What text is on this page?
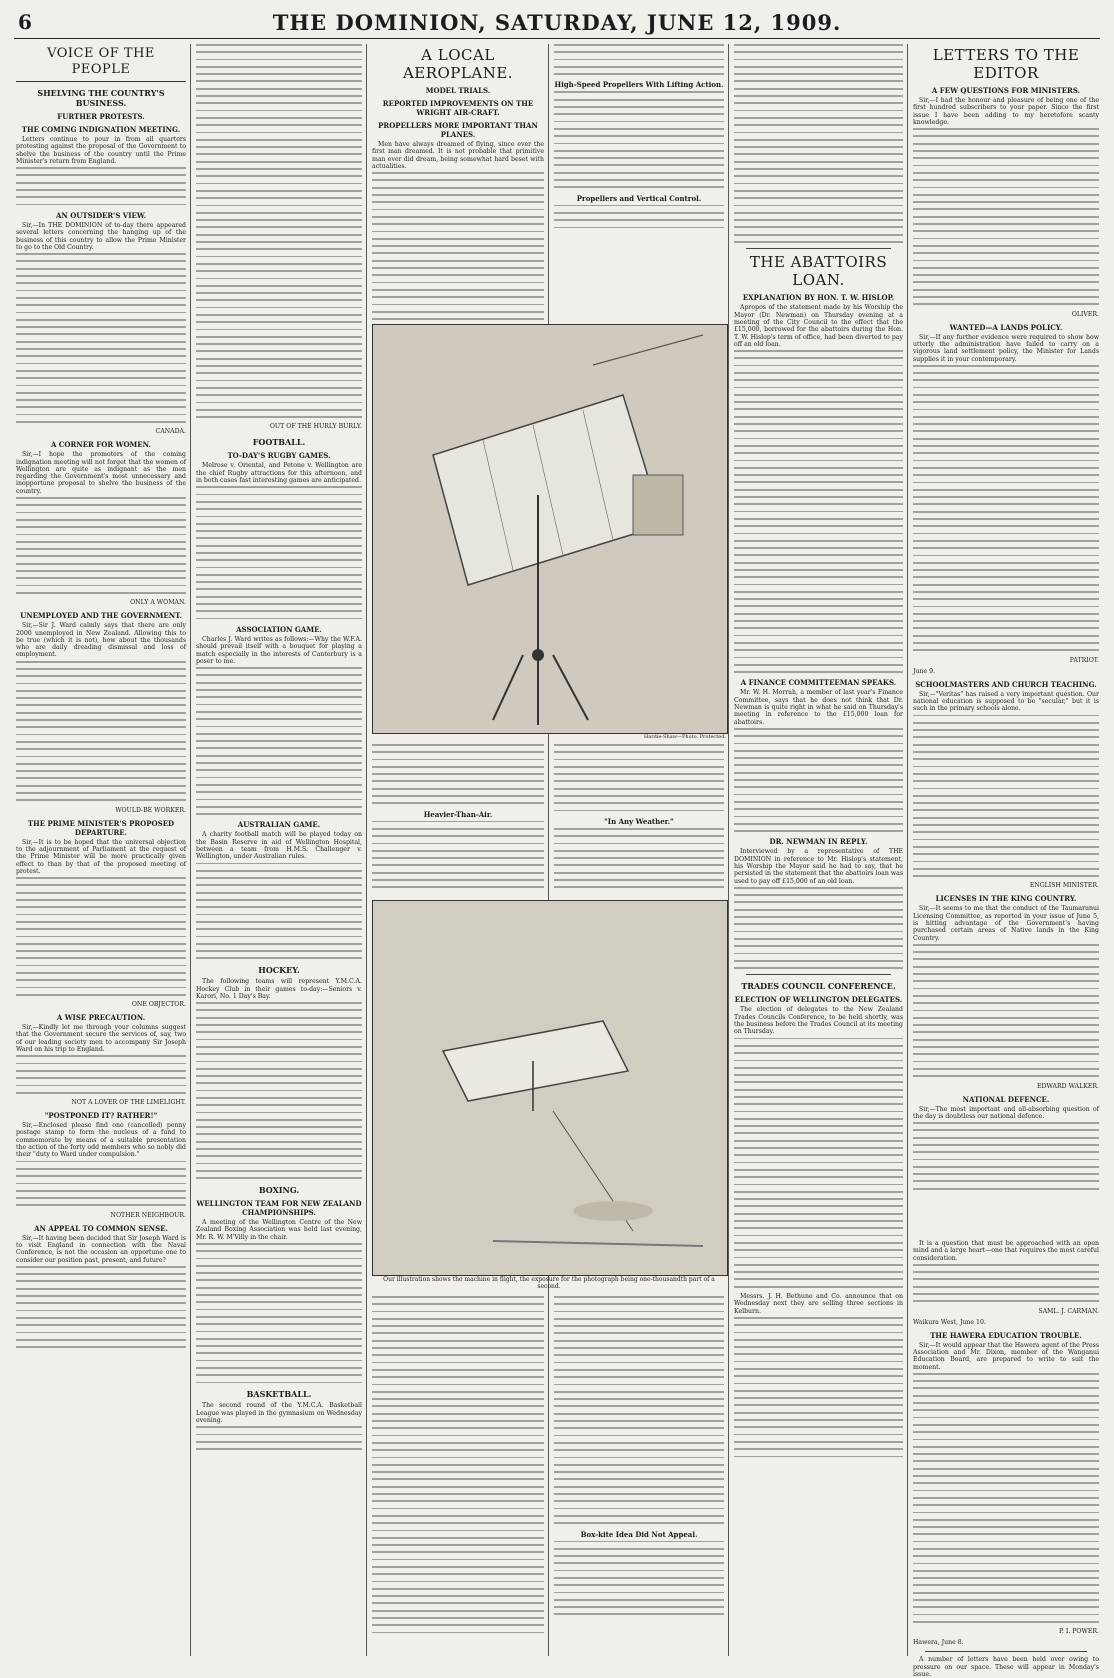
6	THE DOMINION, SATURDAY, JUNE 12, 1909.
VOICE OF THE PEOPLE
SHELVING THE COUNTRY'S BUSINESS.
FURTHER PROTESTS.
THE COMING INDIGNATION MEETING.

Letters continue to pour in from all quarters protesting against the proposal of the Government to shelve the business of the country until the Prime Minister's return from England.

AN OUTSIDER'S VIEW.

Sir,—In THE DOMINION of to-day there appeared several letters concerning the hanging up of the business of this country to allow the Prime Minister to go to the Old Country.

CANADA.
A CORNER FOR WOMEN.

Sir,—I hope the promoters of the coming indignation meeting will not forget that the women of Wellington are quite as indignant as the men regarding the Government's most unnecessary and inopportune proposal to shelve the business of the country.

ONLY A WOMAN.
UNEMPLOYED AND THE GOVERNMENT.

Sir,—Sir J. Ward calmly says that there are only 2000 unemployed in New Zealand. Allowing this to be true (which it is not), how about the thousands who are daily dreading dismissal and loss of employment.

WOULD-BE WORKER.
THE PRIME MINISTER'S PROPOSED DEPARTURE.

Sir,—It is to be hoped that the universal objection to the adjournment of Parliament at the request of the Prime Minister will be more practically given effect to than by that of the proposed meeting of protest.

ONE OBJECTOR.
A WISE PRECAUTION.

Sir,—Kindly let me through your columns suggest that the Government secure the services of, say, two of our leading society men to accompany Sir Joseph Ward on his trip to England.

NOT A LOVER OF THE LIMELIGHT.
"POSTPONED IT? RATHER!"

Sir,—Enclosed please find one (cancelled) penny postage stamp to form the nucleus of a fund to commemorate by means of a suitable presentation the action of the forty odd members who so nobly did their "duty to Ward under compulsion."

NOTHER NEIGHBOUR.
AN APPEAL TO COMMON SENSE.

Sir,—It having been decided that Sir Joseph Ward is to visit England in connection with the Naval Conference, is not the occasion an opportune one to consider our position past, present, and future?

OUT OF THE HURLY BURLY.
FOOTBALL.
TO-DAY'S RUGBY GAMES.

Melrose v. Oriental, and Petone v. Wellington are the chief Rugby attractions for this afternoon, and in both cases fast interesting games are anticipated.

ASSOCIATION GAME.

Charles J. Ward writes as follows:—Why the W.F.A. should prevail itself with a bouquet for playing a match especially in the interests of Canterbury is a poser to me.

AUSTRALIAN GAME.

A charity football match will be played today on the Basin Reserve in aid of Wellington Hospital, between a team from H.M.S. Challenger v. Wellington, under Australian rules.

HOCKEY.

The following teams will represent Y.M.C.A. Hockey Club in their games to-day:—Seniors v. Karori, No. 1 Day's Bay.

BOXING.
WELLINGTON TEAM FOR NEW ZEALAND CHAMPIONSHIPS.

A meeting of the Wellington Centre of the New Zealand Boxing Association was held last evening, Mr. R. W. M'Villy in the chair.

BASKETBALL.

The second round of the Y.M.C.A. Basketball League was played in the gymnasium on Wednesday evening.

A LOCAL AEROPLANE.
MODEL TRIALS.
REPORTED IMPROVEMENTS ON THE WRIGHT AIR-CRAFT.
PROPELLERS MORE IMPORTANT THAN PLANES.

Men have always dreamed of flying, since ever the first man dreamed. It is not probable that primitive man ever did dream, being somewhat hard beset with actualities.

High-Speed Propellers With Lifting Action.
Propellers and Vertical Control.
Hardie-Shaw—Photo. Protected.
Heavier-Than-Air.
"In Any Weather."
Our illustration shows the machine in flight, the exposure for the photograph being one-thousandth part of a second.
Box-kite Idea Did Not Appeal.
THE ABATTOIRS LOAN.
EXPLANATION BY HON. T. W. HISLOP.

Apropos of the statement made by his Worship the Mayor (Dr. Newman) on Thursday evening at a meeting of the City Council to the effect that the £15,000, borrowed for the abattoirs during the Hon. T. W. Hislop's term of office, had been diverted to pay off an old loan.

A FINANCE COMMITTEEMAN SPEAKS.

Mr. W. H. Morrah, a member of last year's Finance Committee, says that he does not think that Dr. Newman is quite right in what he said on Thursday's meeting in reference to the £15,000 loan for abattoirs.

DR. NEWMAN IN REPLY.

Interviewed by a representative of THE DOMINION in reference to Mr. Hislop's statement, his Worship the Mayor said he had to say, that he persisted in the statement that the abattoirs loan was used to pay off £15,000 of an old loan.

TRADES COUNCIL CONFERENCE.
ELECTION OF WELLINGTON DELEGATES.

The election of delegates to the New Zealand Trades Councils Conference, to be held shortly, was the business before the Trades Council at its meeting on Thursday.

Messrs. J. H. Bethune and Co. announce that on Wednesday next they are selling three sections in Kelburn.

LETTERS TO THE EDITOR
A FEW QUESTIONS FOR MINISTERS.

Sir,—I had the honour and pleasure of being one of the first hundred subscribers to your paper. Since the first issue I have been adding to my heretofore scanty knowledge.

OLIVER.
WANTED—A LANDS POLICY.

Sir,—If any further evidence were required to show how utterly the administration have failed to carry on a vigorous land settlement policy, the Minister for Lands supplies it in your contemporary.

PATRIOT.
June 9.
SCHOOLMASTERS AND CHURCH TEACHING.

Sir,—"Veritas" has raised a very important question. Our national education is supposed to be "secular," but it is such in the primary schools alone.

ENGLISH MINISTER.
LICENSES IN THE KING COUNTRY.

Sir,—It seems to me that the conduct of the Taumarunui Licensing Committee, as reported in your issue of June 5, is hitting advantage of the Government's having purchased certain areas of Native lands in the King Country.

EDWARD WALKER.
NATIONAL DEFENCE.

Sir,—The most important and all-absorbing question of the day is doubtless our national defence.

It is a question that must be approached with an open mind and a large heart—one that requires the most careful consideration.

SAML. J. CARMAN.
Waikura West, June 10.
THE HAWERA EDUCATION TROUBLE.

Sir,—It would appear that the Hawera agent of the Press Association and Mr. Dixon, member of the Wanganui Education Board, are prepared to write to suit the moment.

P. I. POWER.
Hawera, June 8.

A number of letters have been held over owing to pressure on our space. These will appear in Monday's issue.
